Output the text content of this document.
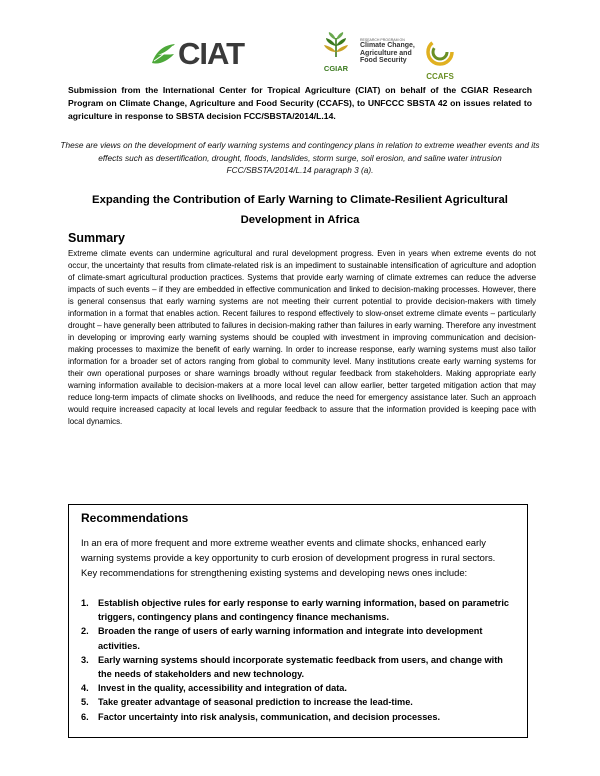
CIAT	CGIAR
RESEARCH PROGRAM ON
Climate Change,
Agriculture and
Food Security
CCAFS
Submission from the International Center for Tropical Agriculture (CIAT) on behalf of the CGIAR Research Program on Climate Change, Agriculture and Food Security (CCAFS), to UNFCCC SBSTA 42 on issues related to agriculture in response to SBSTA decision FCC/SBSTA/2014/L.14.
These are views on the development of early warning systems and contingency plans in relation to extreme weather events and its effects such as desertification, drought, floods, landslides, storm surge, soil erosion, and saline water intrusion FCC/SBSTA/2014/L.14 paragraph 3 (a).
Expanding the Contribution of Early Warning to Climate-Resilient Agricultural Development in Africa
Summary
Extreme climate events can undermine agricultural and rural development progress. Even in years when extreme events do not occur, the uncertainty that results from climate-related risk is an impediment to sustainable intensification of agriculture and adoption of climate-smart agricultural production practices. Systems that provide early warning of climate extremes can reduce the adverse impacts of such events – if they are embedded in effective communication and linked to decision-making processes. However, there is general consensus that early warning systems are not meeting their current potential to provide decision-makers with timely information in a format that enables action. Recent failures to respond effectively to slow-onset extreme climate events – particularly drought – have generally been attributed to failures in decision-making rather than failures in early warning. Therefore any investment in developing or improving early warning systems should be coupled with investment in improving communication and decision-making processes to maximize the benefit of early warning. In order to increase response, early warning systems must also tailor information for a broader set of actors ranging from global to community level. Many institutions create early warning systems for their own operational purposes or share warnings broadly without regular feedback from stakeholders. Making appropriate early warning information available to decision-makers at a more local level can allow earlier, better targeted mitigation action that may reduce long-term impacts of climate shocks on livelihoods, and reduce the need for emergency assistance later. Such an approach would require increased capacity at local levels and regular feedback to assure that the information provided is keeping pace with local dynamics.
Recommendations
In an era of more frequent and more extreme weather events and climate shocks, enhanced early warning systems provide a key opportunity to curb erosion of development progress in rural sectors. Key recommendations for strengthening existing systems and developing news ones include:
1. Establish objective rules for early response to early warning information, based on parametric triggers, contingency plans and contingency finance mechanisms.
2. Broaden the range of users of early warning information and integrate into development activities.
3. Early warning systems should incorporate systematic feedback from users, and change with the needs of stakeholders and new technology.
4. Invest in the quality, accessibility and integration of data.
5. Take greater advantage of seasonal prediction to increase the lead-time.
6. Factor uncertainty into risk analysis, communication, and decision processes.
